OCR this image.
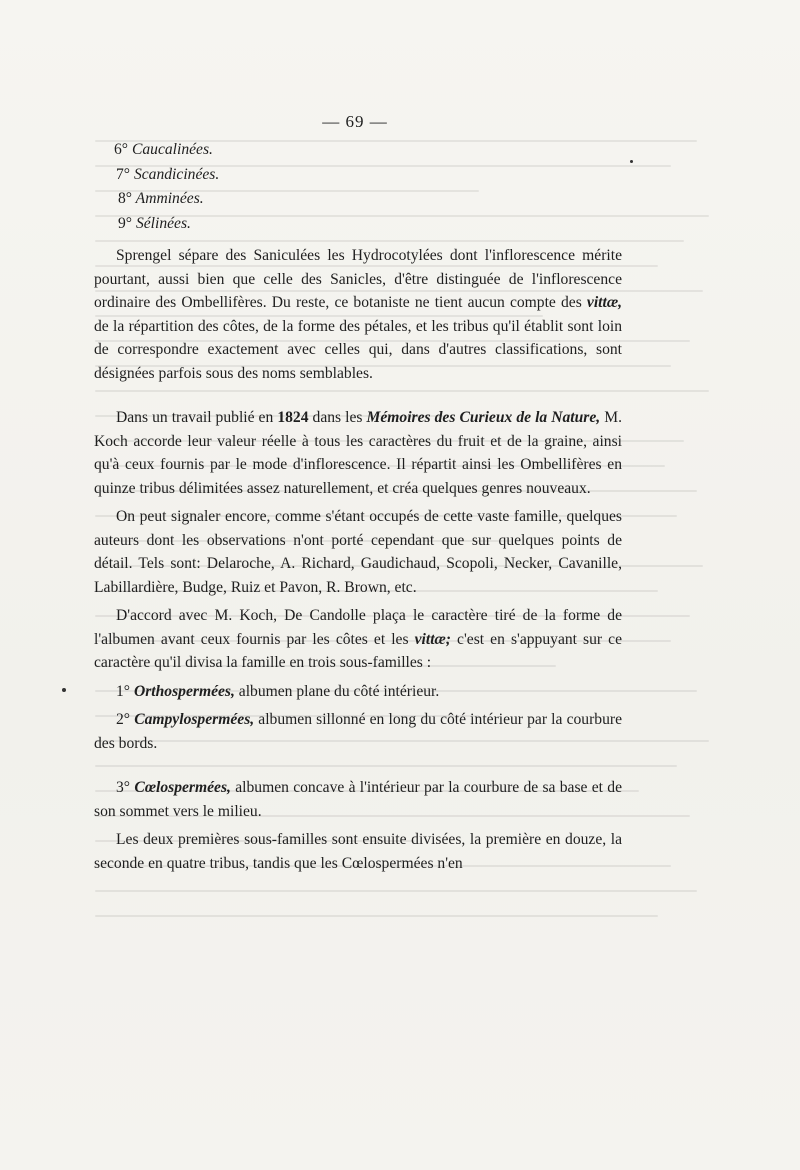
— 69 —
6° Caucalinées.
7° Scandicinées.
8° Amminées.
9° Sélinées.

Sprengel sépare des Saniculées les Hydrocotylées dont l'inflorescence mérite pourtant, aussi bien que celle des Sanicles, d'être distinguée de l'inflorescence ordinaire des Ombellifères. Du reste, ce botaniste ne tient aucun compte des vittæ, de la répartition des côtes, de la forme des pétales, et les tribus qu'il établit sont loin de correspondre exactement avec celles qui, dans d'autres classifications, sont désignées parfois sous des noms semblables.

Dans un travail publié en 1824 dans les Mémoires des Curieux de la Nature, M. Koch accorde leur valeur réelle à tous les caractères du fruit et de la graine, ainsi qu'à ceux fournis par le mode d'inflorescence. Il répartit ainsi les Ombellifères en quinze tribus délimitées assez naturellement, et créa quelques genres nouveaux.

On peut signaler encore, comme s'étant occupés de cette vaste famille, quelques auteurs dont les observations n'ont porté cependant que sur quelques points de détail. Tels sont: Delaroche, A. Richard, Gaudichaud, Scopoli, Necker, Cavanille, Labillardière, Budge, Ruiz et Pavon, R. Brown, etc.

D'accord avec M. Koch, De Candolle plaça le caractère tiré de la forme de l'albumen avant ceux fournis par les côtes et les vittæ; c'est en s'appuyant sur ce caractère qu'il divisa la famille en trois sous-familles :

1° Orthospermées, albumen plane du côté intérieur.

2° Campylospermées, albumen sillonné en long du côté intérieur par la courbure des bords.

3° Cœlospermées, albumen concave à l'intérieur par la courbure de sa base et de son sommet vers le milieu.

Les deux premières sous-familles sont ensuite divisées, la première en douze, la seconde en quatre tribus, tandis que les Cœlospermées n'en
